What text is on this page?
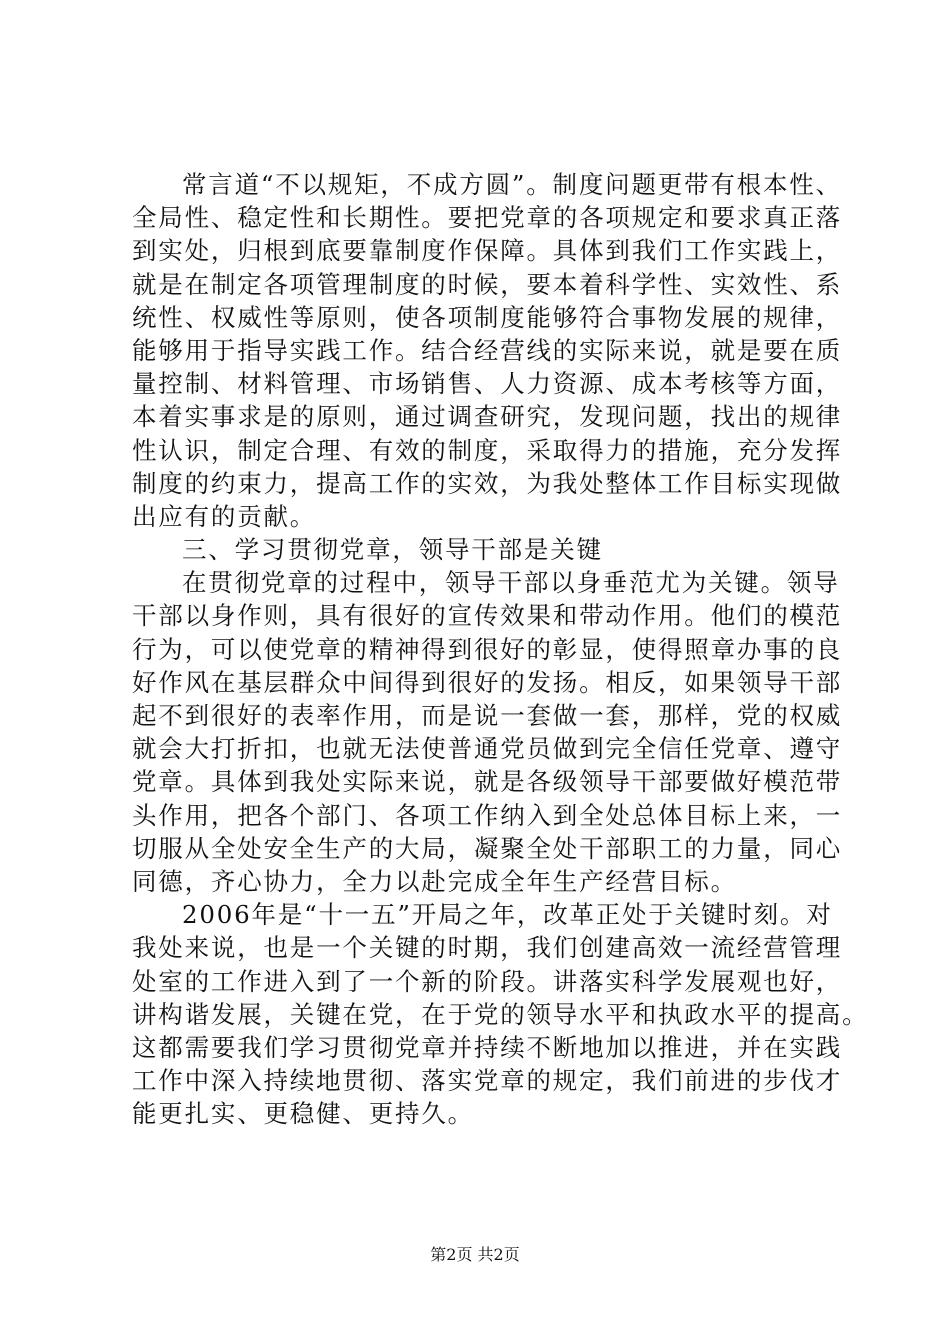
常言道“不以规矩，不成方圆”。制度问题更带有根本性、
全局性、稳定性和长期性。要把党章的各项规定和要求真正落
到实处，归根到底要靠制度作保障。具体到我们工作实践上，
就是在制定各项管理制度的时候，要本着科学性、实效性、系
统性、权威性等原则，使各项制度能够符合事物发展的规律，
能够用于指导实践工作。结合经营线的实际来说，就是要在质
量控制、材料管理、市场销售、人力资源、成本考核等方面，
本着实事求是的原则，通过调查研究，发现问题，找出的规律
性认识，制定合理、有效的制度，采取得力的措施，充分发挥
制度的约束力，提高工作的实效，为我处整体工作目标实现做
出应有的贡献。
三、学习贯彻党章，领导干部是关键
在贯彻党章的过程中，领导干部以身垂范尤为关键。领导
干部以身作则，具有很好的宣传效果和带动作用。他们的模范
行为，可以使党章的精神得到很好的彰显，使得照章办事的良
好作风在基层群众中间得到很好的发扬。相反，如果领导干部
起不到很好的表率作用，而是说一套做一套，那样，党的权威
就会大打折扣，也就无法使普通党员做到完全信任党章、遵守
党章。具体到我处实际来说，就是各级领导干部要做好模范带
头作用，把各个部门、各项工作纳入到全处总体目标上来，一
切服从全处安全生产的大局，凝聚全处干部职工的力量，同心
同德，齐心协力，全力以赴完成全年生产经营目标。
2006年是“十一五”开局之年，改革正处于关键时刻。对
我处来说，也是一个关键的时期，我们创建高效一流经营管理
处室的工作进入到了一个新的阶段。讲落实科学发展观也好，
讲构谐发展，关键在党，在于党的领导水平和执政水平的提高。
这都需要我们学习贯彻党章并持续不断地加以推进，并在实践
工作中深入持续地贯彻、落实党章的规定，我们前进的步伐才
能更扎实、更稳健、更持久。
第2页 共2页
